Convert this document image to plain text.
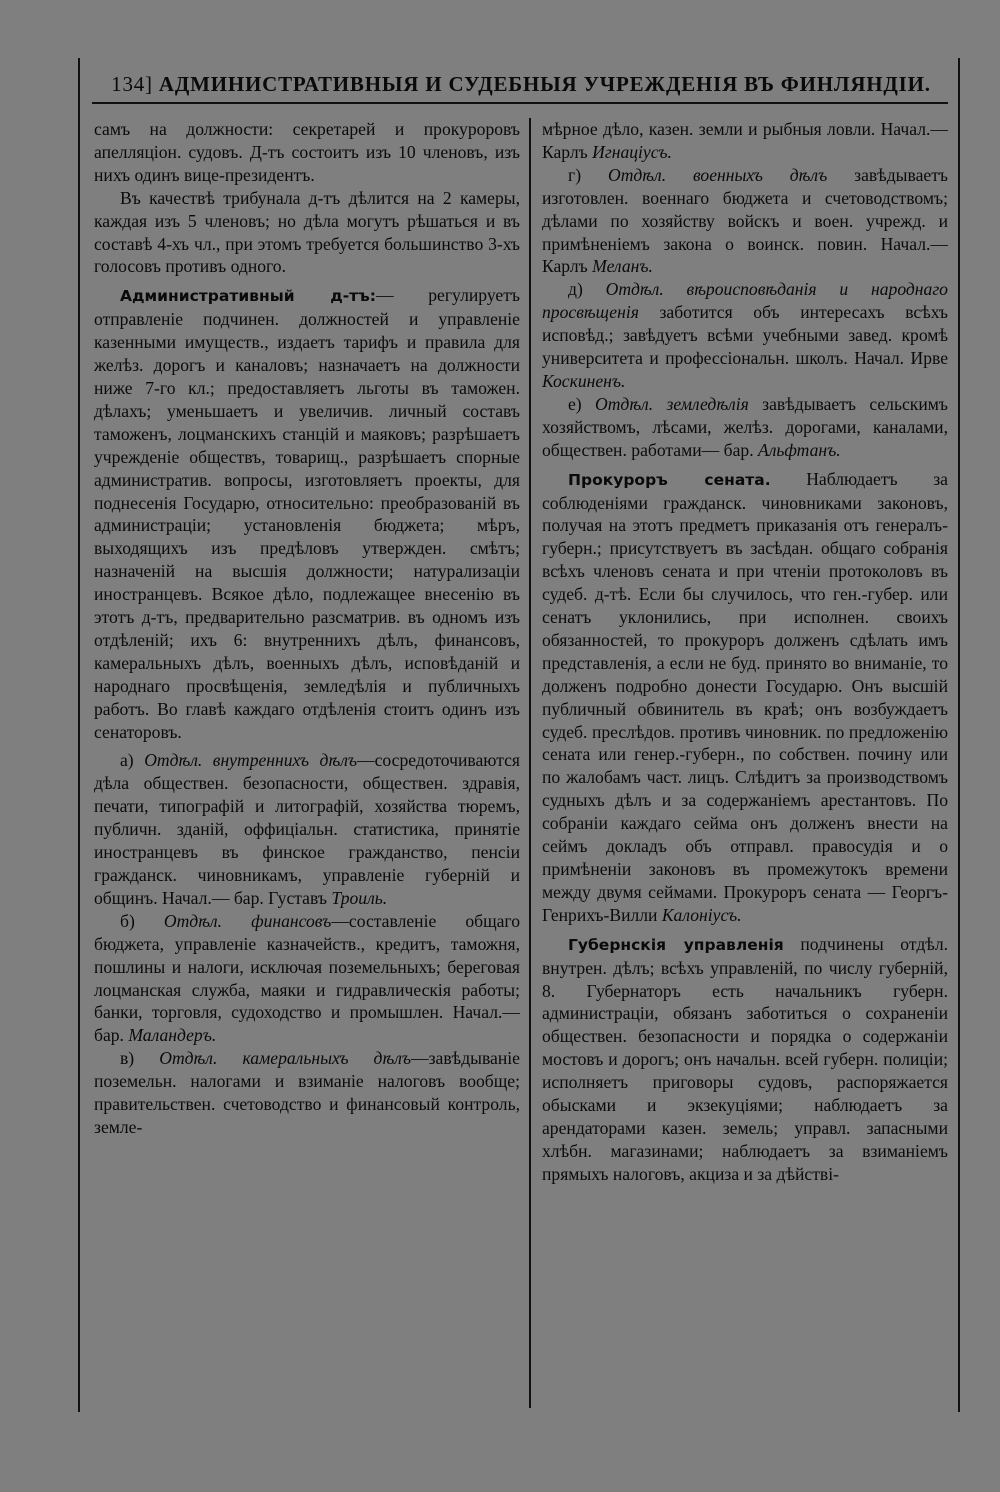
134] АДМИНИСТРАТИВНЫЯ И СУДЕБНЫЯ УЧРЕЖДЕНІЯ ВЪ ФИНЛЯНДІИ.

самъ на должности: секретарей и прокуроровъ апелляціон. судовъ. Д-тъ состоитъ изъ 10 членовъ, изъ нихъ одинъ вице-президентъ.

Въ качествѣ трибунала д-тъ дѣлится на 2 камеры, каждая изъ 5 членовъ; но дѣла могутъ рѣшаться и въ составѣ 4-хъ чл., при этомъ требуется большинство 3-хъ голосовъ противъ одного.

Административный д-тъ:— регулируетъ отправленіе подчинен. должностей и управленіе казенными имуществ., издаетъ тарифъ и правила для желѣз. дорогъ и каналовъ; назначаетъ на должности ниже 7-го кл.; предоставляетъ льготы въ таможен. дѣлахъ; уменьшаетъ и увеличив. личный составъ таможенъ, лоцманскихъ станцій и маяковъ; разрѣшаетъ учрежденіе обществъ, товарищ., разрѣшаетъ спорные административ. вопросы, изготовляетъ проекты, для поднесенія Государю, относительно: преобразованій въ администраціи; установленія бюджета; мѣръ, выходящихъ изъ предѣловъ утвержден. смѣтъ; назначеній на высшія должности; натурализаціи иностранцевъ. Всякое дѣло, подлежащее внесенію въ этотъ д-тъ, предварительно разсматрив. въ одномъ изъ отдѣленій; ихъ 6: внутреннихъ дѣлъ, финансовъ, камеральныхъ дѣлъ, военныхъ дѣлъ, исповѣданій и народнаго просвѣщенія, земледѣлія и публичныхъ работъ. Во главѣ каждаго отдѣленія стоитъ одинъ изъ сенаторовъ.

а) Отдѣл. внутреннихъ дѣлъ—сосредоточиваются дѣла обществен. безопасности, обществен. здравія, печати, типографій и литографій, хозяйства тюремъ, публичн. зданій, оффиціальн. статистика, принятіе иностранцевъ въ финское гражданство, пенсіи гражданск. чиновникамъ, управленіе губерній и общинъ. Начал.— бар. Густавъ Троиль.

б) Отдѣл. финансовъ—составленіе общаго бюджета, управленіе казначейств., кредитъ, таможня, пошлины и налоги, исключая поземельныхъ; береговая лоцманская служба, маяки и гидравлическія работы; банки, торговля, судоходство и промышлен. Начал.—бар. Маландеръ.

в) Отдѣл. камеральныхъ дѣлъ—завѣдываніе поземельн. налогами и взиманіе налоговъ вообще; правительствен. счетоводство и финансовый контроль, земле-

мѣрное дѣло, казен. земли и рыбныя ловли. Начал.—Карлъ Игнаціусъ.

г) Отдѣл. военныхъ дѣлъ завѣдываетъ изготовлен. военнаго бюджета и счетоводствомъ; дѣлами по хозяйству войскъ и воен. учрежд. и примѣненіемъ закона о воинск. повин. Начал.—Карлъ Меланъ.

д) Отдѣл. вѣроисповѣданія и народнаго просвѣщенія заботится объ интересахъ всѣхъ исповѣд.; завѣдуетъ всѣми учебными завед. кромѣ университета и профессіональн. школъ. Начал. Ирве Коскиненъ.

е) Отдѣл. земледѣлія завѣдываетъ сельскимъ хозяйствомъ, лѣсами, желѣз. дорогами, каналами, обществен. работами— бар. Альфтанъ.

Прокуроръ сената. Наблюдаетъ за соблюденіями гражданск. чиновниками законовъ, получая на этотъ предметъ приказанія отъ генералъ-губерн.; присутствуетъ въ засѣдан. общаго собранія всѣхъ членовъ сената и при чтеніи протоколовъ въ судеб. д-тѣ. Если бы случилось, что ген.-губер. или сенатъ уклонились, при исполнен. своихъ обязанностей, то прокуроръ долженъ сдѣлать имъ представленія, а если не буд. принято во вниманіе, то долженъ подробно донести Государю. Онъ высшій публичный обвинитель въ краѣ; онъ возбуждаетъ судеб. преслѣдов. противъ чиновник. по предложенію сената или генер.-губерн., по собствен. почину или по жалобамъ част. лицъ. Слѣдитъ за производствомъ судныхъ дѣлъ и за содержаніемъ арестантовъ. По собраніи каждаго сейма онъ долженъ внести на сеймъ докладъ объ отправл. правосудія и о примѣненіи законовъ въ промежутокъ времени между двумя сеймами. Прокуроръ сената — Георгъ-Генрихъ-Вилли Калоніусъ.

Губернскія управленія подчинены отдѣл. внутрен. дѣлъ; всѣхъ управленій, по числу губерній, 8. Губернаторъ есть начальникъ губерн. администраціи, обязанъ заботиться о сохраненіи обществен. безопасности и порядка о содержаніи мостовъ и дорогъ; онъ начальн. всей губерн. полиціи; исполняетъ приговоры судовъ, распоряжается обысками и экзекуціями; наблюдаетъ за арендаторами казен. земель; управл. запасными хлѣбн. магазинами; наблюдаетъ за взиманіемъ прямыхъ налоговъ, акциза и за дѣйстві-
